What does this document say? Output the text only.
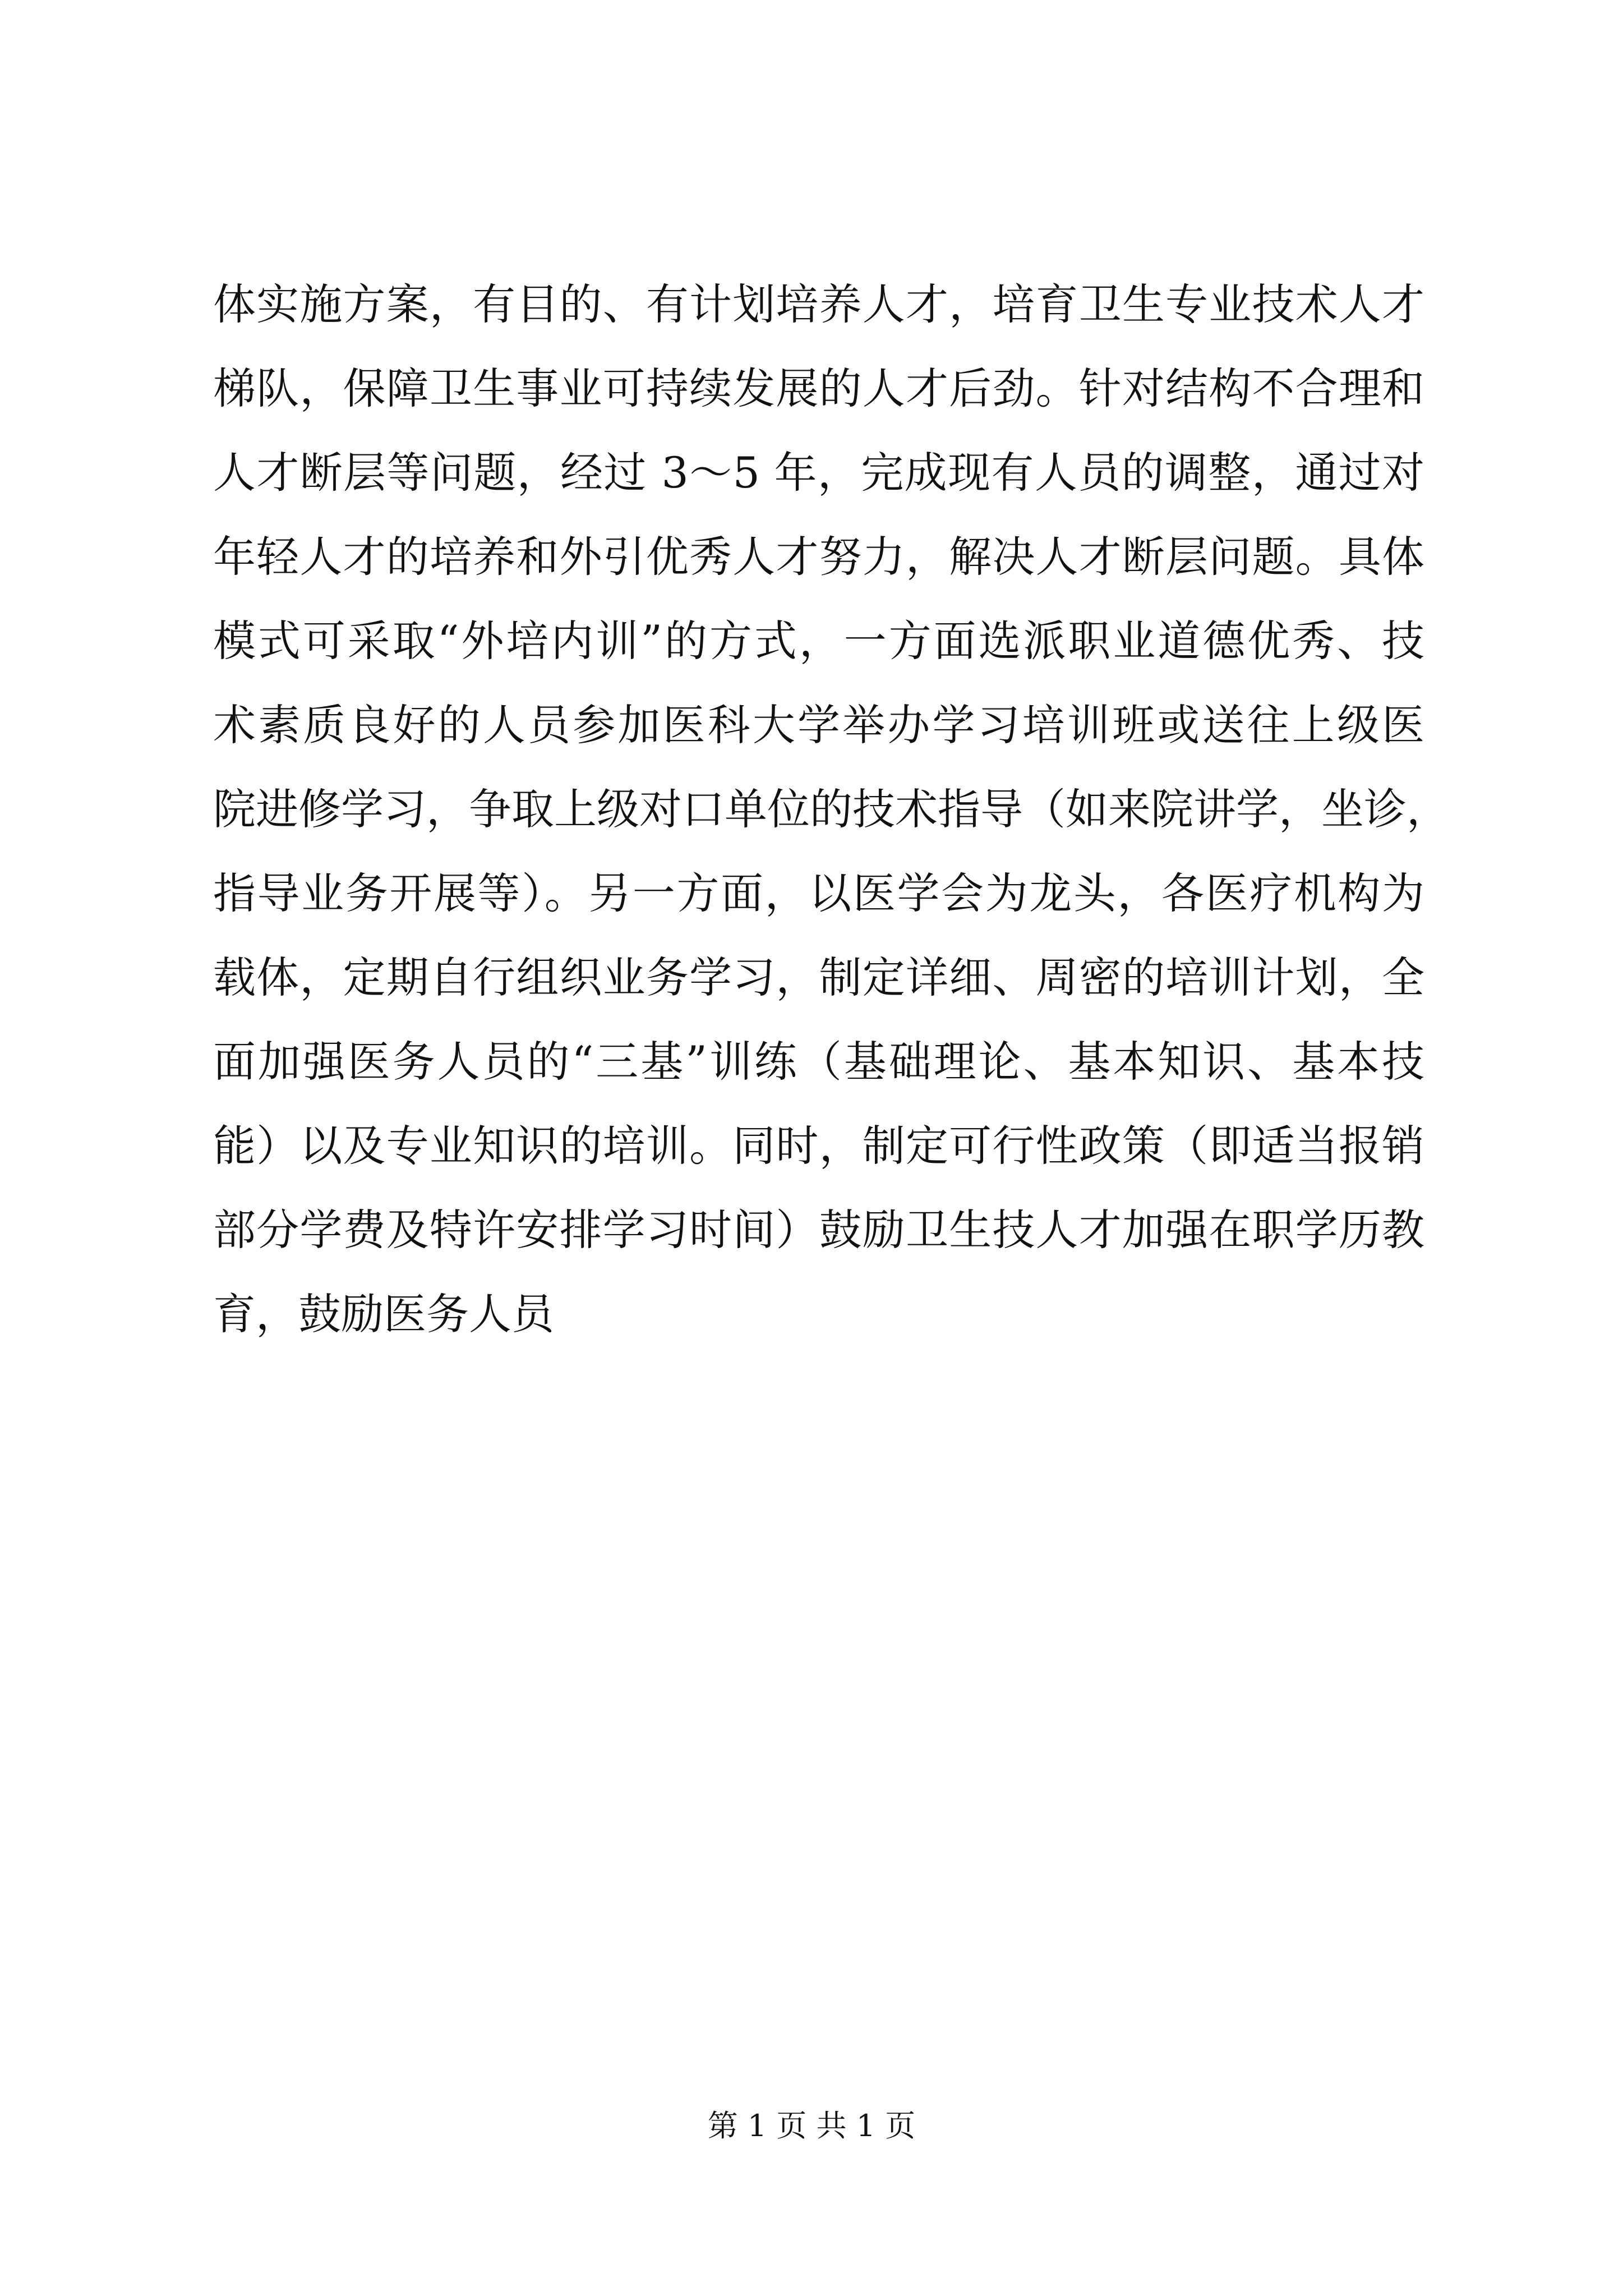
体实施方案，有目的、有计划培养人才，培育卫生专业技术人才
梯队，保障卫生事业可持续发展的人才后劲。针对结构不合理和
人才断层等问题，经过 3～5 年，完成现有人员的调整，通过对
年轻人才的培养和外引优秀人才努力，解决人才断层问题。具体
模式可采取“外培内训”的方式，一方面选派职业道德优秀、技
术素质良好的人员参加医科大学举办学习培训班或送往上级医
院进修学习，争取上级对口单位的技术指导（如来院讲学，坐诊，
指导业务开展等）。另一方面，以医学会为龙头，各医疗机构为
载体，定期自行组织业务学习，制定详细、周密的培训计划，全
面加强医务人员的“三基”训练（基础理论、基本知识、基本技
能）以及专业知识的培训。同时，制定可行性政策（即适当报销
部分学费及特许安排学习时间）鼓励卫生技人才加强在职学历教
育，鼓励医务人员
第 1 页 共 1 页
